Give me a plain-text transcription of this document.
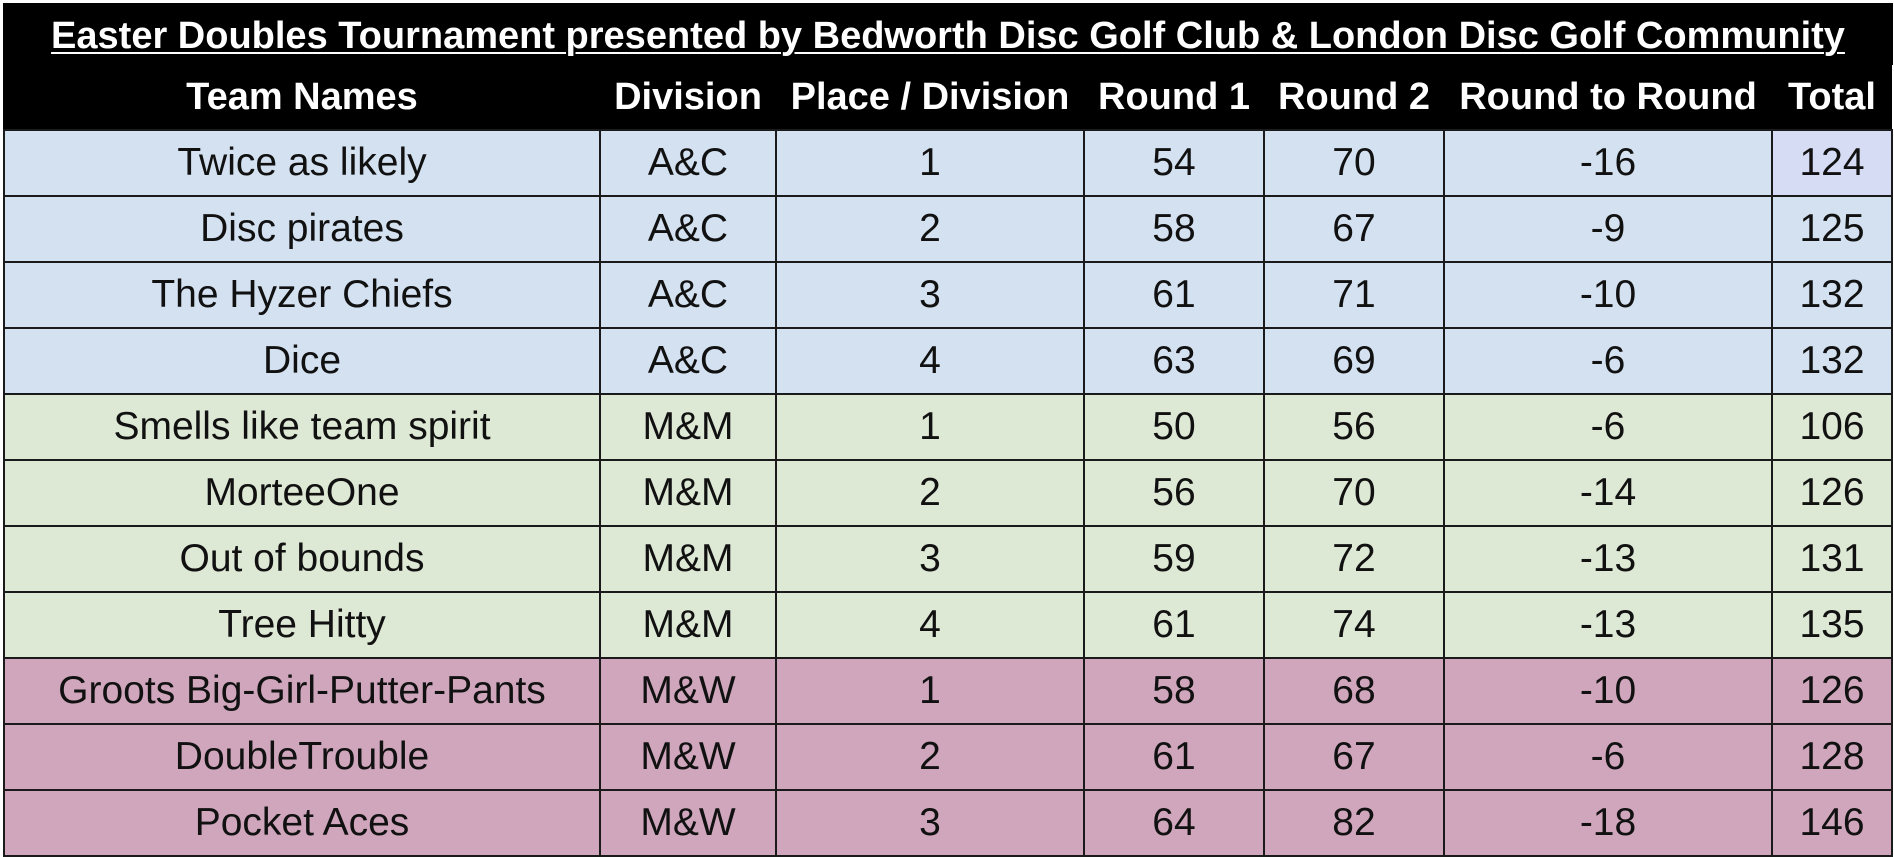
Easter Doubles Tournament presented by Bedworth Disc Golf Club & London Disc Golf Community
Team Names	Division	Place / Division	Round 1	Round 2	Round to Round	Total
Twice as likely	A&C	1	54	70	-16	124
Disc pirates	A&C	2	58	67	-9	125
The Hyzer Chiefs	A&C	3	61	71	-10	132
Dice	A&C	4	63	69	-6	132
Smells like team spirit	M&M	1	50	56	-6	106
MorteeOne	M&M	2	56	70	-14	126
Out of bounds	M&M	3	59	72	-13	131
Tree Hitty	M&M	4	61	74	-13	135
Groots Big-Girl-Putter-Pants	M&W	1	58	68	-10	126
DoubleTrouble	M&W	2	61	67	-6	128
Pocket Aces	M&W	3	64	82	-18	146
